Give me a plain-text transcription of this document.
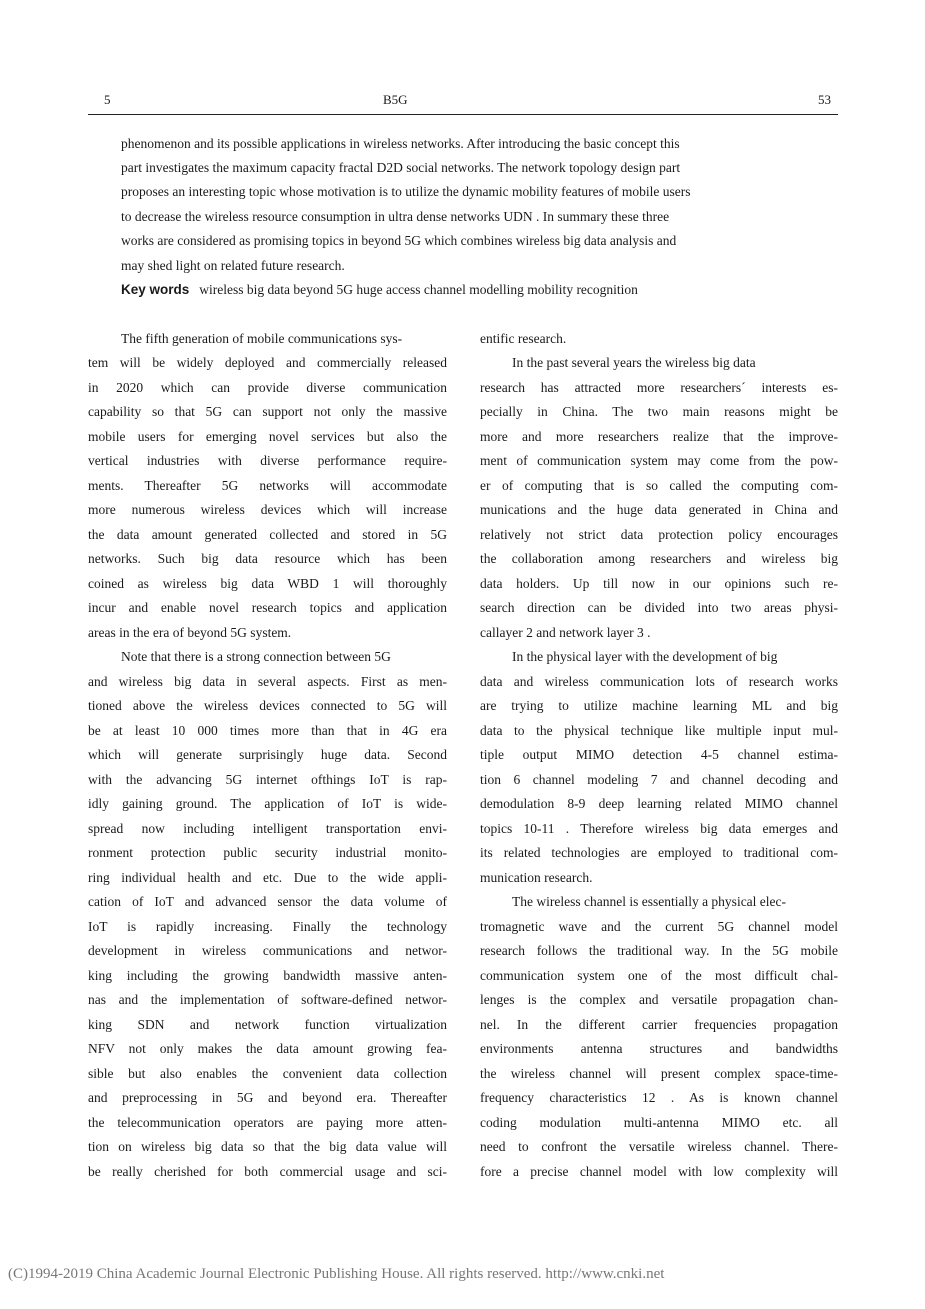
5	B5G	53
phenomenon and its possible applications in wireless networks. After introducing the basic concept this
part investigates the maximum capacity fractal D2D social networks. The network topology design part
proposes an interesting topic whose motivation is to utilize the dynamic mobility features of mobile users
to decrease the wireless resource consumption in ultra dense networks UDN . In summary these three
works are considered as promising topics in beyond 5G which combines wireless big data analysis and
may shed light on related future research.
Key words wireless big data beyond 5G huge access channel modelling mobility recognition
The fifth generation of mobile communications sys-
tem will be widely deployed and commercially released
in 2020 which can provide diverse communication
capability so that 5G can support not only the massive
mobile users for emerging novel services but also the
vertical industries with diverse performance require-
ments. Thereafter 5G networks will accommodate
more numerous wireless devices which will increase
the data amount generated collected and stored in 5G
networks. Such big data resource which has been
coined as wireless big data WBD 1 will thoroughly
incur and enable novel research topics and application
areas in the era of beyond 5G system.
Note that there is a strong connection between 5G
and wireless big data in several aspects. First as men-
tioned above the wireless devices connected to 5G will
be at least 10 000 times more than that in 4G era
which will generate surprisingly huge data. Second
with the advancing 5G internet ofthings IoT is rap-
idly gaining ground. The application of IoT is wide-
spread now including intelligent transportation envi-
ronment protection public security industrial monito-
ring individual health and etc. Due to the wide appli-
cation of IoT and advanced sensor the data volume of
IoT is rapidly increasing. Finally the technology
development in wireless communications and networ-
king including the growing bandwidth massive anten-
nas and the implementation of software-defined networ-
king SDN and network function virtualization
NFV not only makes the data amount growing fea-
sible but also enables the convenient data collection
and preprocessing in 5G and beyond era. Thereafter
the telecommunication operators are paying more atten-
tion on wireless big data so that the big data value will
be really cherished for both commercial usage and sci-
entific research.
In the past several years the wireless big data
research has attracted more researchers´ interests es-
pecially in China. The two main reasons might be
more and more researchers realize that the improve-
ment of communication system may come from the pow-
er of computing that is so called the computing com-
munications and the huge data generated in China and
relatively not strict data protection policy encourages
the collaboration among researchers and wireless big
data holders. Up till now in our opinions such re-
search direction can be divided into two areas physi-
callayer 2 and network layer 3 .
In the physical layer with the development of big
data and wireless communication lots of research works
are trying to utilize machine learning ML and big
data to the physical technique like multiple input mul-
tiple output MIMO detection 4-5 channel estima-
tion 6 channel modeling 7 and channel decoding and
demodulation 8-9 deep learning related MIMO channel
topics 10-11 . Therefore wireless big data emerges and
its related technologies are employed to traditional com-
munication research.
The wireless channel is essentially a physical elec-
tromagnetic wave and the current 5G channel model
research follows the traditional way. In the 5G mobile
communication system one of the most difficult chal-
lenges is the complex and versatile propagation chan-
nel. In the different carrier frequencies propagation
environments antenna structures and bandwidths
the wireless channel will present complex space-time-
frequency characteristics 12 . As is known channel
coding modulation multi-antenna MIMO etc. all
need to confront the versatile wireless channel. There-
fore a precise channel model with low complexity will
(C)1994-2019 China Academic Journal Electronic Publishing House. All rights reserved. http://www.cnki.net
